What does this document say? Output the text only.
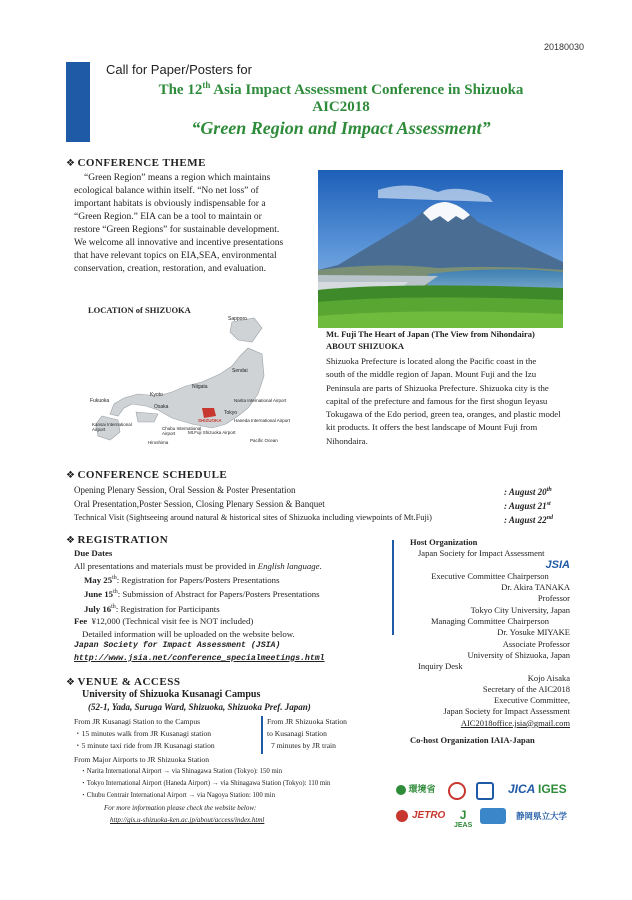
20180030
Call for Paper/Posters for
The 12th Asia Impact Assessment Conference in Shizuoka
AIC2018
“Green Region and Impact Assessment”
❖ CONFERENCE THEME
“Green Region” means a region which maintains
ecological balance within itself. “No net loss” of
important habitats is obviously indispensable for a
“Green Region.” EIA can be a tool to maintain or
restore “Green Regions” for sustainable development.
We welcome all innovative and incentive presentations
that have relevant topics on EIA,SEA, environmental
conservation, creation, restoration, and evaluation.
Mt. Fuji The Heart of Japan (The View from Nihondaira)
ABOUT SHIZUOKA
Shizuoka Prefecture is located along the Pacific coast in the
south of the middle region of Japan. Mount Fuji and the Izu
Peninsula are parts of Shizuoka Prefecture. Shizuoka city is the
capital of the prefecture and famous for the first shogun Ieyasu
Tokugawa of the Edo period, green tea, oranges, and plastic model
kit products. It offers the best landscape of Mount Fuji from
Nihondaira.
LOCATION of SHIZUOKA
Sapporo
Sendai
Niigata
Kyoto
Fukuoka
Osaka
Tokyo
Narita International Airport
Haneda International Airport
Mt.Fuji Shizuoka Airport
Chubu International Airport
Kansai International Airport
Hiroshima	Pacific Ocean
SHIZUOKA
❖ CONFERENCE SCHEDULE
Opening Plenary Session, Oral Session & Poster Presentation	: August 20th
Oral Presentation,Poster Session, Closing Plenary Session & Banquet	: August 21st
Technical Visit (Sightseeing around natural & historical sites of Shizuoka including viewpoints of Mt.Fuji)	: August 22nd
❖ REGISTRATION
Due Dates
All presentations and materials must be provided in English language.
May 25th: Registration for Papers/Posters Presentations
June 15th: Submission of Abstract for Papers/Posters Presentations
July 16th: Registration for Participants
Fee ¥12,000 (Technical visit fee is NOT included)
Detailed information will be uploaded on the website below.
Japan Society for Impact Assessment (JSIA)
http://www.jsia.net/conference_specialmeetings.html
Host Organization
Japan Society for Impact Assessment
JSIA
Executive Committee Chairperson
Dr. Akira TANAKA
Professor
Tokyo City University, Japan
Managing Committee Chairperson
Dr. Yosuke MIYAKE
Associate Professor
University of Shizuoka, Japan
Inquiry Desk
Kojo Aisaka
Secretary of the AIC2018
Executive Committee,
Japan Society for Impact Assessment
AIC2018office.jsia@gmail.com
Co-host Organization IAIA-Japan
❖ VENUE & ACCESS
University of Shizuoka Kusanagi Campus
(52-1, Yada, Suruga Ward, Shizuoka, Shizuoka Pref. Japan)
From JR Kusanagi Station to the Campus
・15 minutes walk from JR Kusanagi station
・5 minute taxi ride from JR Kusanagi station
From JR Shizuoka Station
to Kusanagi Station
7 minutes by JR train
From Major Airports to JR Shizuoka Station
・Narita International Airport → via Shinagawa Station (Tokyo): 150 min
・Tokyo International Airport (Haneda Airport) → via Shinagawa Station (Tokyo): 110 min
・Chubu Centrair International Airport → via Nagoya Station: 100 min
For more information please check the website below:
http://gis.u-shizuoka-ken.ac.jp/about/access/index.html
環境省	JICA IGES
JETRO	J
JEAS
静岡県立大学
